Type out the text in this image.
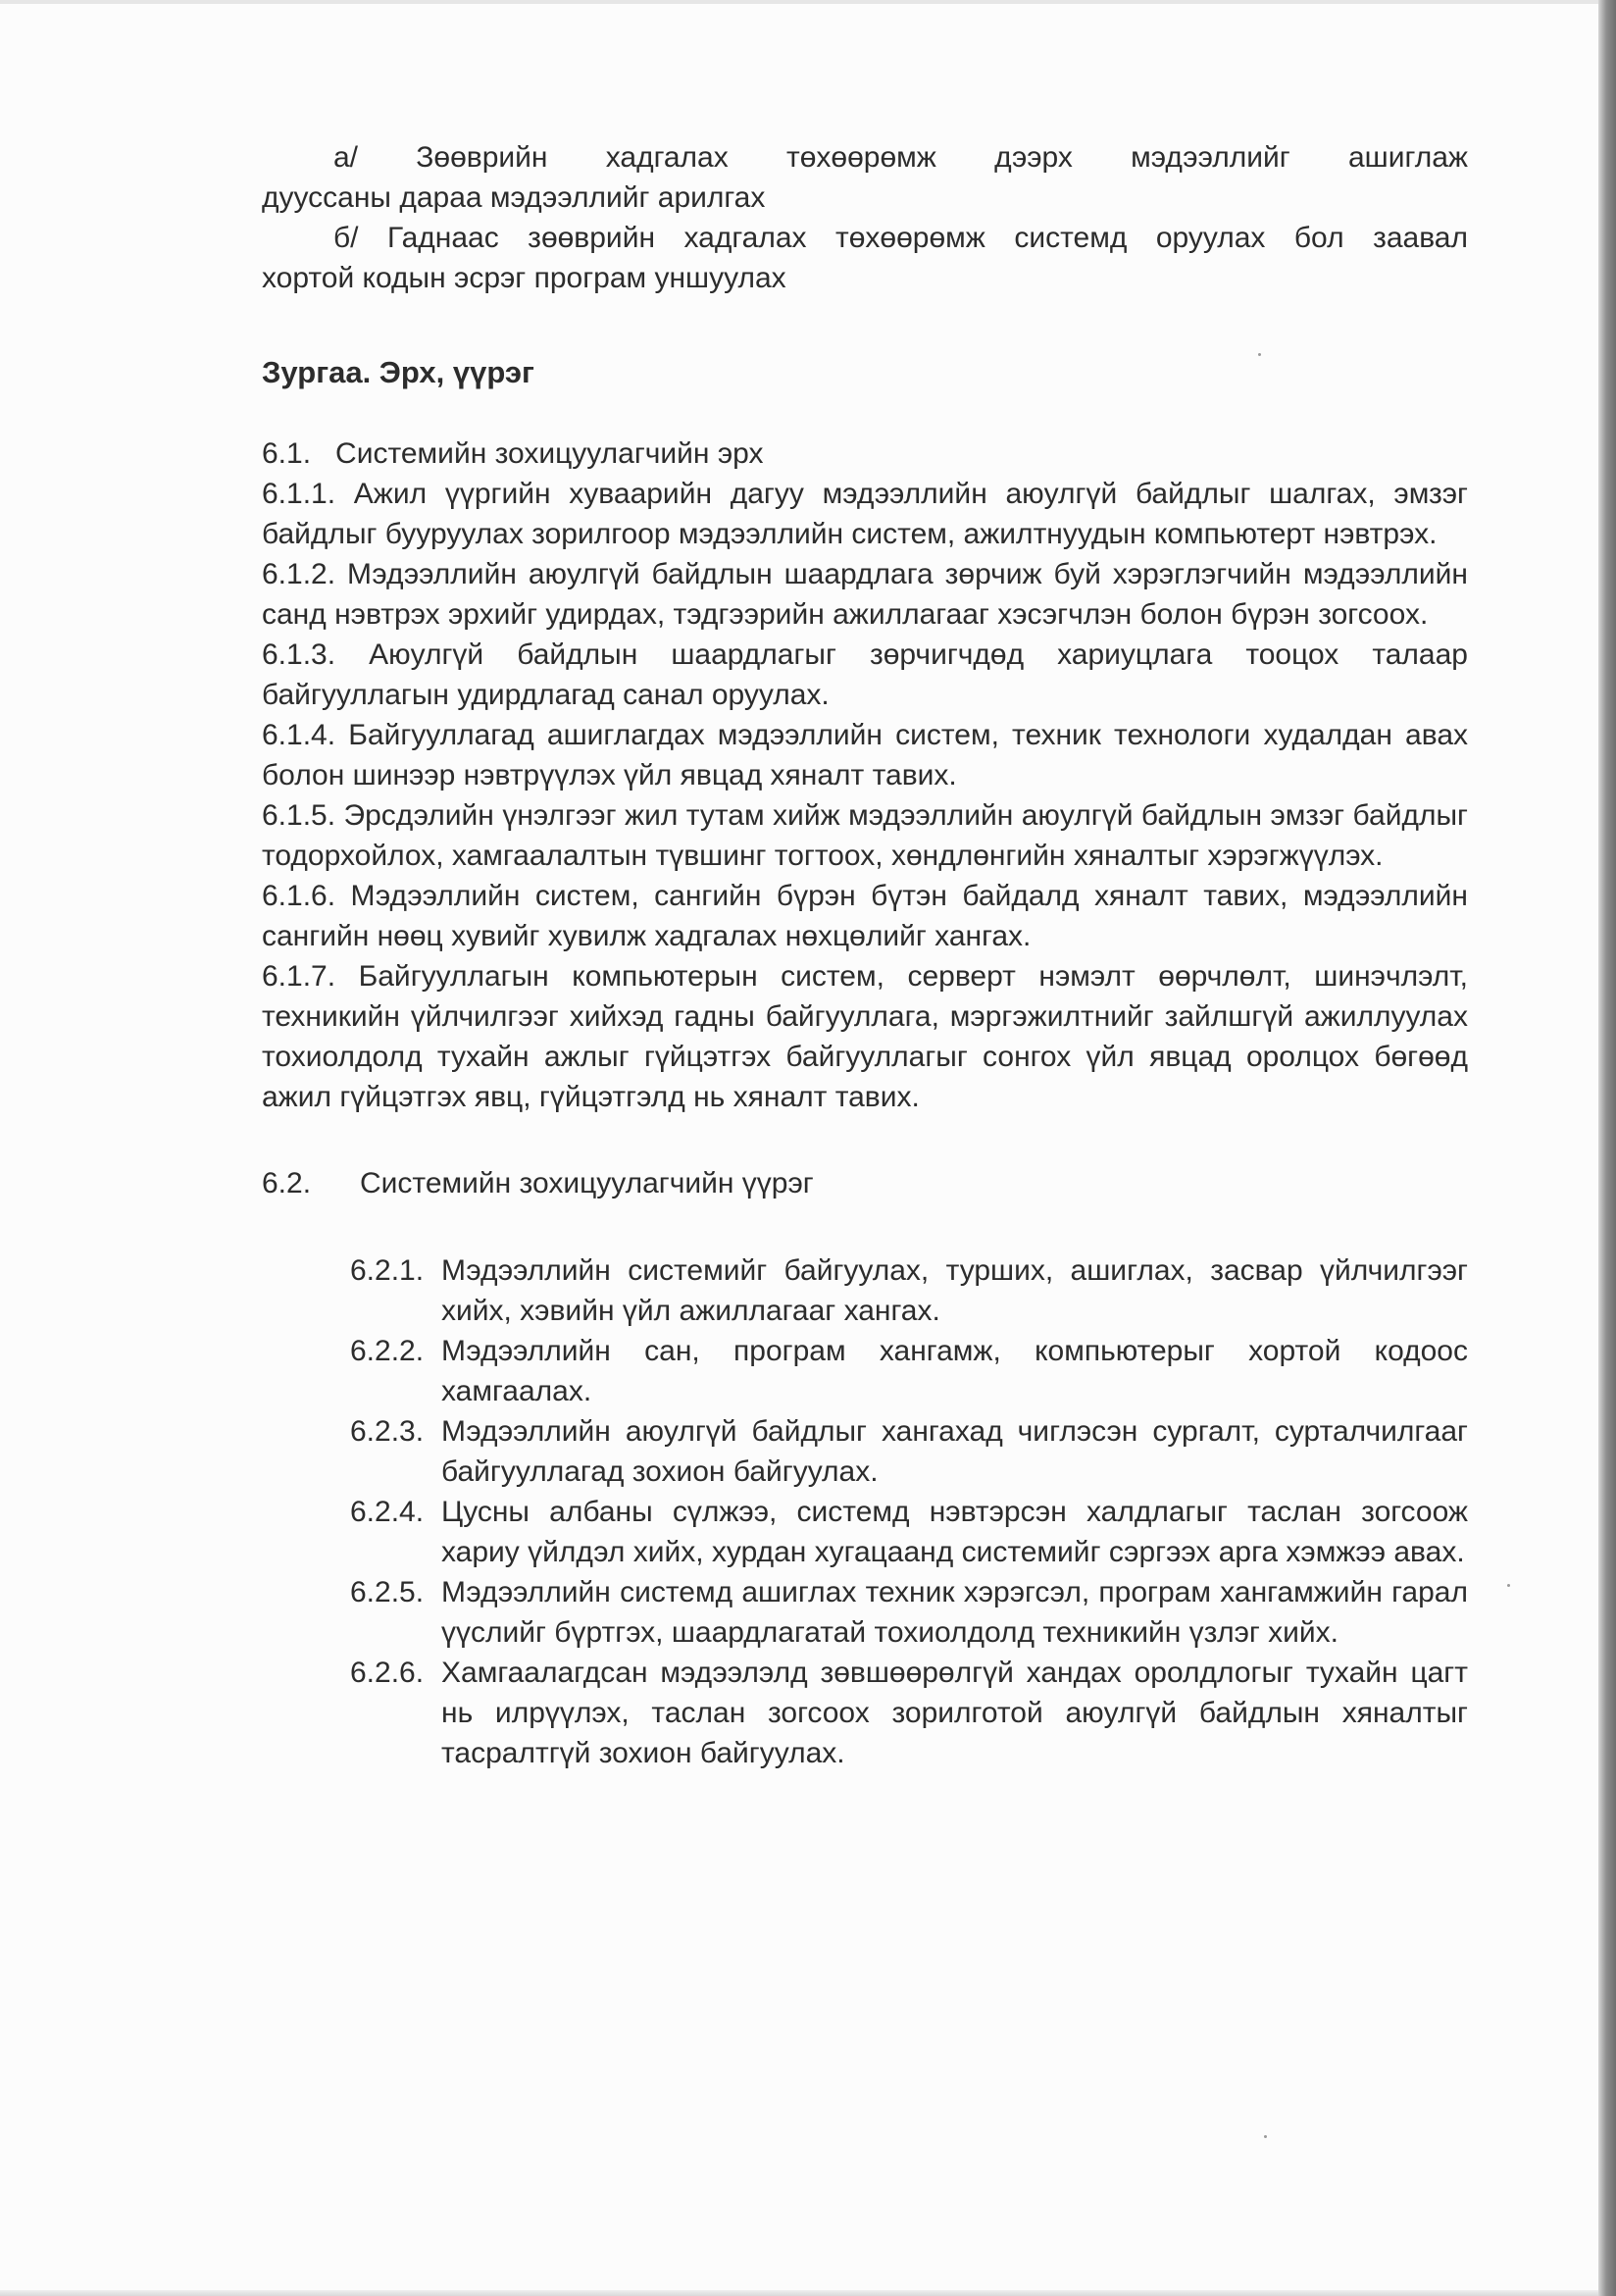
а/ Зөөврийн хадгалах төхөөрөмж дээрх мэдээллийг ашиглаж

дууссаны дараа мэдээллийг арилгах

б/ Гаднаас зөөврийн хадгалах төхөөрөмж системд оруулах бол заавал

хортой кодын эсрэг програм уншуулах

Зургаа. Эрх, үүрэг

6.1.   Системийн зохицуулагчийн эрх

6.1.1. Ажил үүргийн хуваарийн дагуу мэдээллийн аюулгүй байдлыг шалгах, эмзэг байдлыг бууруулах зорилгоор мэдээллийн систем, ажилтнуудын компьютерт нэвтрэх.

6.1.2. Мэдээллийн аюулгүй байдлын шаардлага зөрчиж буй хэрэглэгчийн мэдээллийн санд нэвтрэх эрхийг удирдах, тэдгээрийн ажиллагааг хэсэгчлэн болон бүрэн зогсоох.

6.1.3. Аюулгүй байдлын шаардлагыг зөрчигчдөд хариуцлага тооцох талаар байгууллагын удирдлагад санал оруулах.

6.1.4. Байгууллагад ашиглагдах мэдээллийн систем, техник технологи худалдан авах болон шинээр нэвтрүүлэх үйл явцад хяналт тавих.

6.1.5. Эрсдэлийн үнэлгээг жил тутам хийж мэдээллийн аюулгүй байдлын эмзэг байдлыг тодорхойлох, хамгаалалтын түвшинг тогтоох, хөндлөнгийн хяналтыг хэрэгжүүлэх.

6.1.6. Мэдээллийн систем, сангийн бүрэн бүтэн байдалд хяналт тавих, мэдээллийн сангийн нөөц хувийг хувилж хадгалах нөхцөлийг хангах.

6.1.7. Байгууллагын компьютерын систем, серверт нэмэлт өөрчлөлт, шинэчлэлт, техникийн үйлчилгээг хийхэд гадны байгууллага, мэргэжилтнийг зайлшгүй ажиллуулах тохиолдолд тухайн ажлыг гүйцэтгэх байгууллагыг сонгох үйл явцад оролцох бөгөөд ажил гүйцэтгэх явц, гүйцэтгэлд нь хяналт тавих.

6.2. Системийн зохицуулагчийн үүрэг

6.2.1. Мэдээллийн системийг байгуулах, турших, ашиглах, засвар үйлчилгээг хийх, хэвийн үйл ажиллагааг хангах.
6.2.2. Мэдээллийн сан, програм хангамж, компьютерыг хортой кодоос хамгаалах.
6.2.3. Мэдээллийн аюулгүй байдлыг хангахад чиглэсэн сургалт, сурталчилгааг байгууллагад зохион байгуулах.
6.2.4. Цусны албаны сүлжээ, системд нэвтэрсэн халдлагыг таслан зогсоож хариу үйлдэл хийх, хурдан хугацаанд системийг сэргээх арга хэмжээ авах.
6.2.5. Мэдээллийн системд ашиглах техник хэрэгсэл, програм хангамжийн гарал үүслийг бүртгэх, шаардлагатай тохиолдолд техникийн үзлэг хийх.
6.2.6. Хамгаалагдсан мэдээлэлд зөвшөөрөлгүй хандах оролдлогыг тухайн цагт нь илрүүлэх, таслан зогсоох зорилготой аюулгүй байдлын хяналтыг тасралтгүй зохион байгуулах.
